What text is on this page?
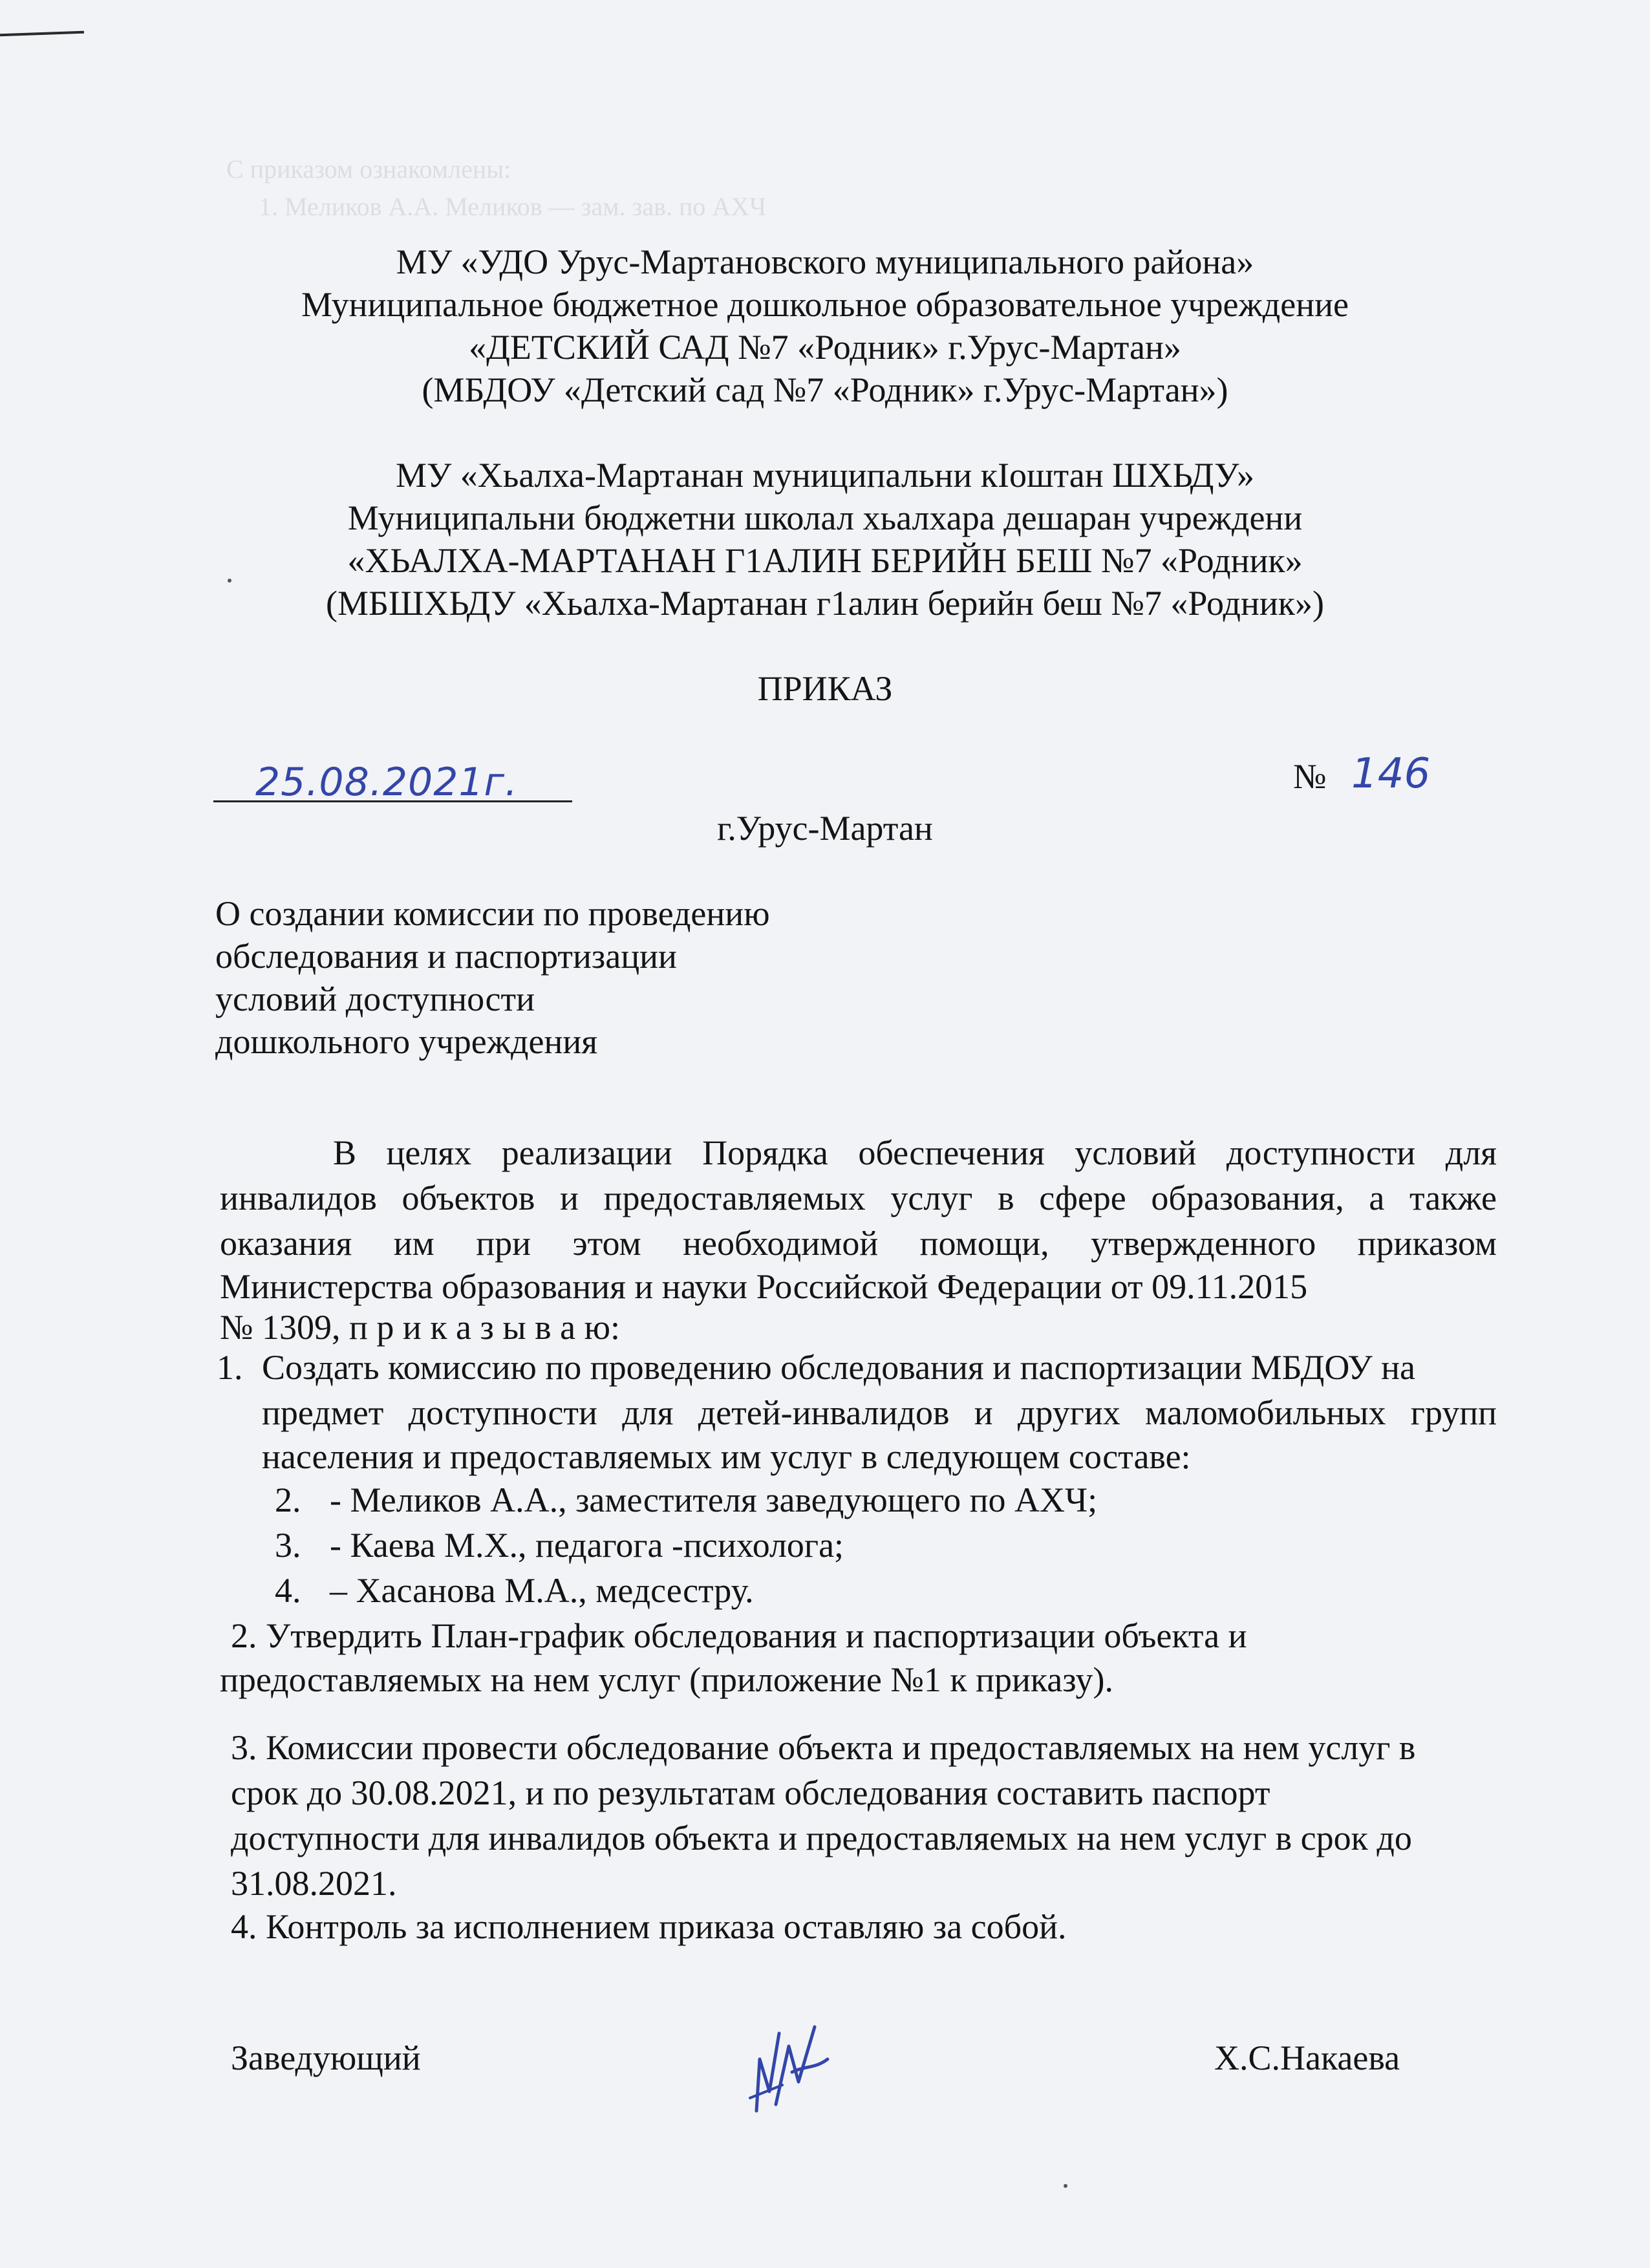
С приказом ознакомлены:
1. Меликов А.А. Меликов — зам. зав. по АХЧ
МУ «УДО Урус-Мартановского муниципального района»
Муниципальное бюджетное дошкольное образовательное учреждение
«ДЕТСКИЙ САД №7 «Родник» г.Урус-Мартан»
(МБДОУ «Детский сад №7 «Родник» г.Урус-Мартан»)
МУ «Хьалха-Мартанан муниципальни кIоштан ШХЬДУ»
Муниципальни бюджетни школал хьалхара дешаран учреждени
«ХЬАЛХА-МАРТАНАН Г1АЛИН БЕРИЙН БЕШ №7 «Родник»
(МБШХЬДУ «Хьалха-Мартанан г1алин берийн беш №7 «Родник»)
ПРИКАЗ
25.08.2021г.	№ 146
г.Урус-Мартан
О создании комиссии по проведению
обследования и паспортизации
условий доступности
дошкольного учреждения
В целях реализации Порядка обеспечения условий доступности для
инвалидов объектов и предоставляемых услуг в сфере образования, а также
оказания им при этом необходимой помощи, утвержденного приказом
Министерства образования и науки Российской Федерации от 09.11.2015
№ 1309, п р и к а з ы в а ю:
1. Создать комиссию по проведению обследования и паспортизации МБДОУ на
предмет доступности для детей-инвалидов и других маломобильных групп
населения и предоставляемых им услуг в следующем составе:
2. - Меликов А.А., заместителя заведующего по АХЧ;
3. - Каева М.Х., педагога -психолога;
4. – Хасанова М.А., медсестру.
2. Утвердить План-график обследования и паспортизации объекта и
предоставляемых на нем услуг (приложение №1 к приказу).
3. Комиссии провести обследование объекта и предоставляемых на нем услуг в
срок до 30.08.2021, и по результатам обследования составить паспорт
доступности для инвалидов объекта и предоставляемых на нем услуг в срок до
31.08.2021.
4. Контроль за исполнением приказа оставляю за собой.
Заведующий	Х.С.Накаева
